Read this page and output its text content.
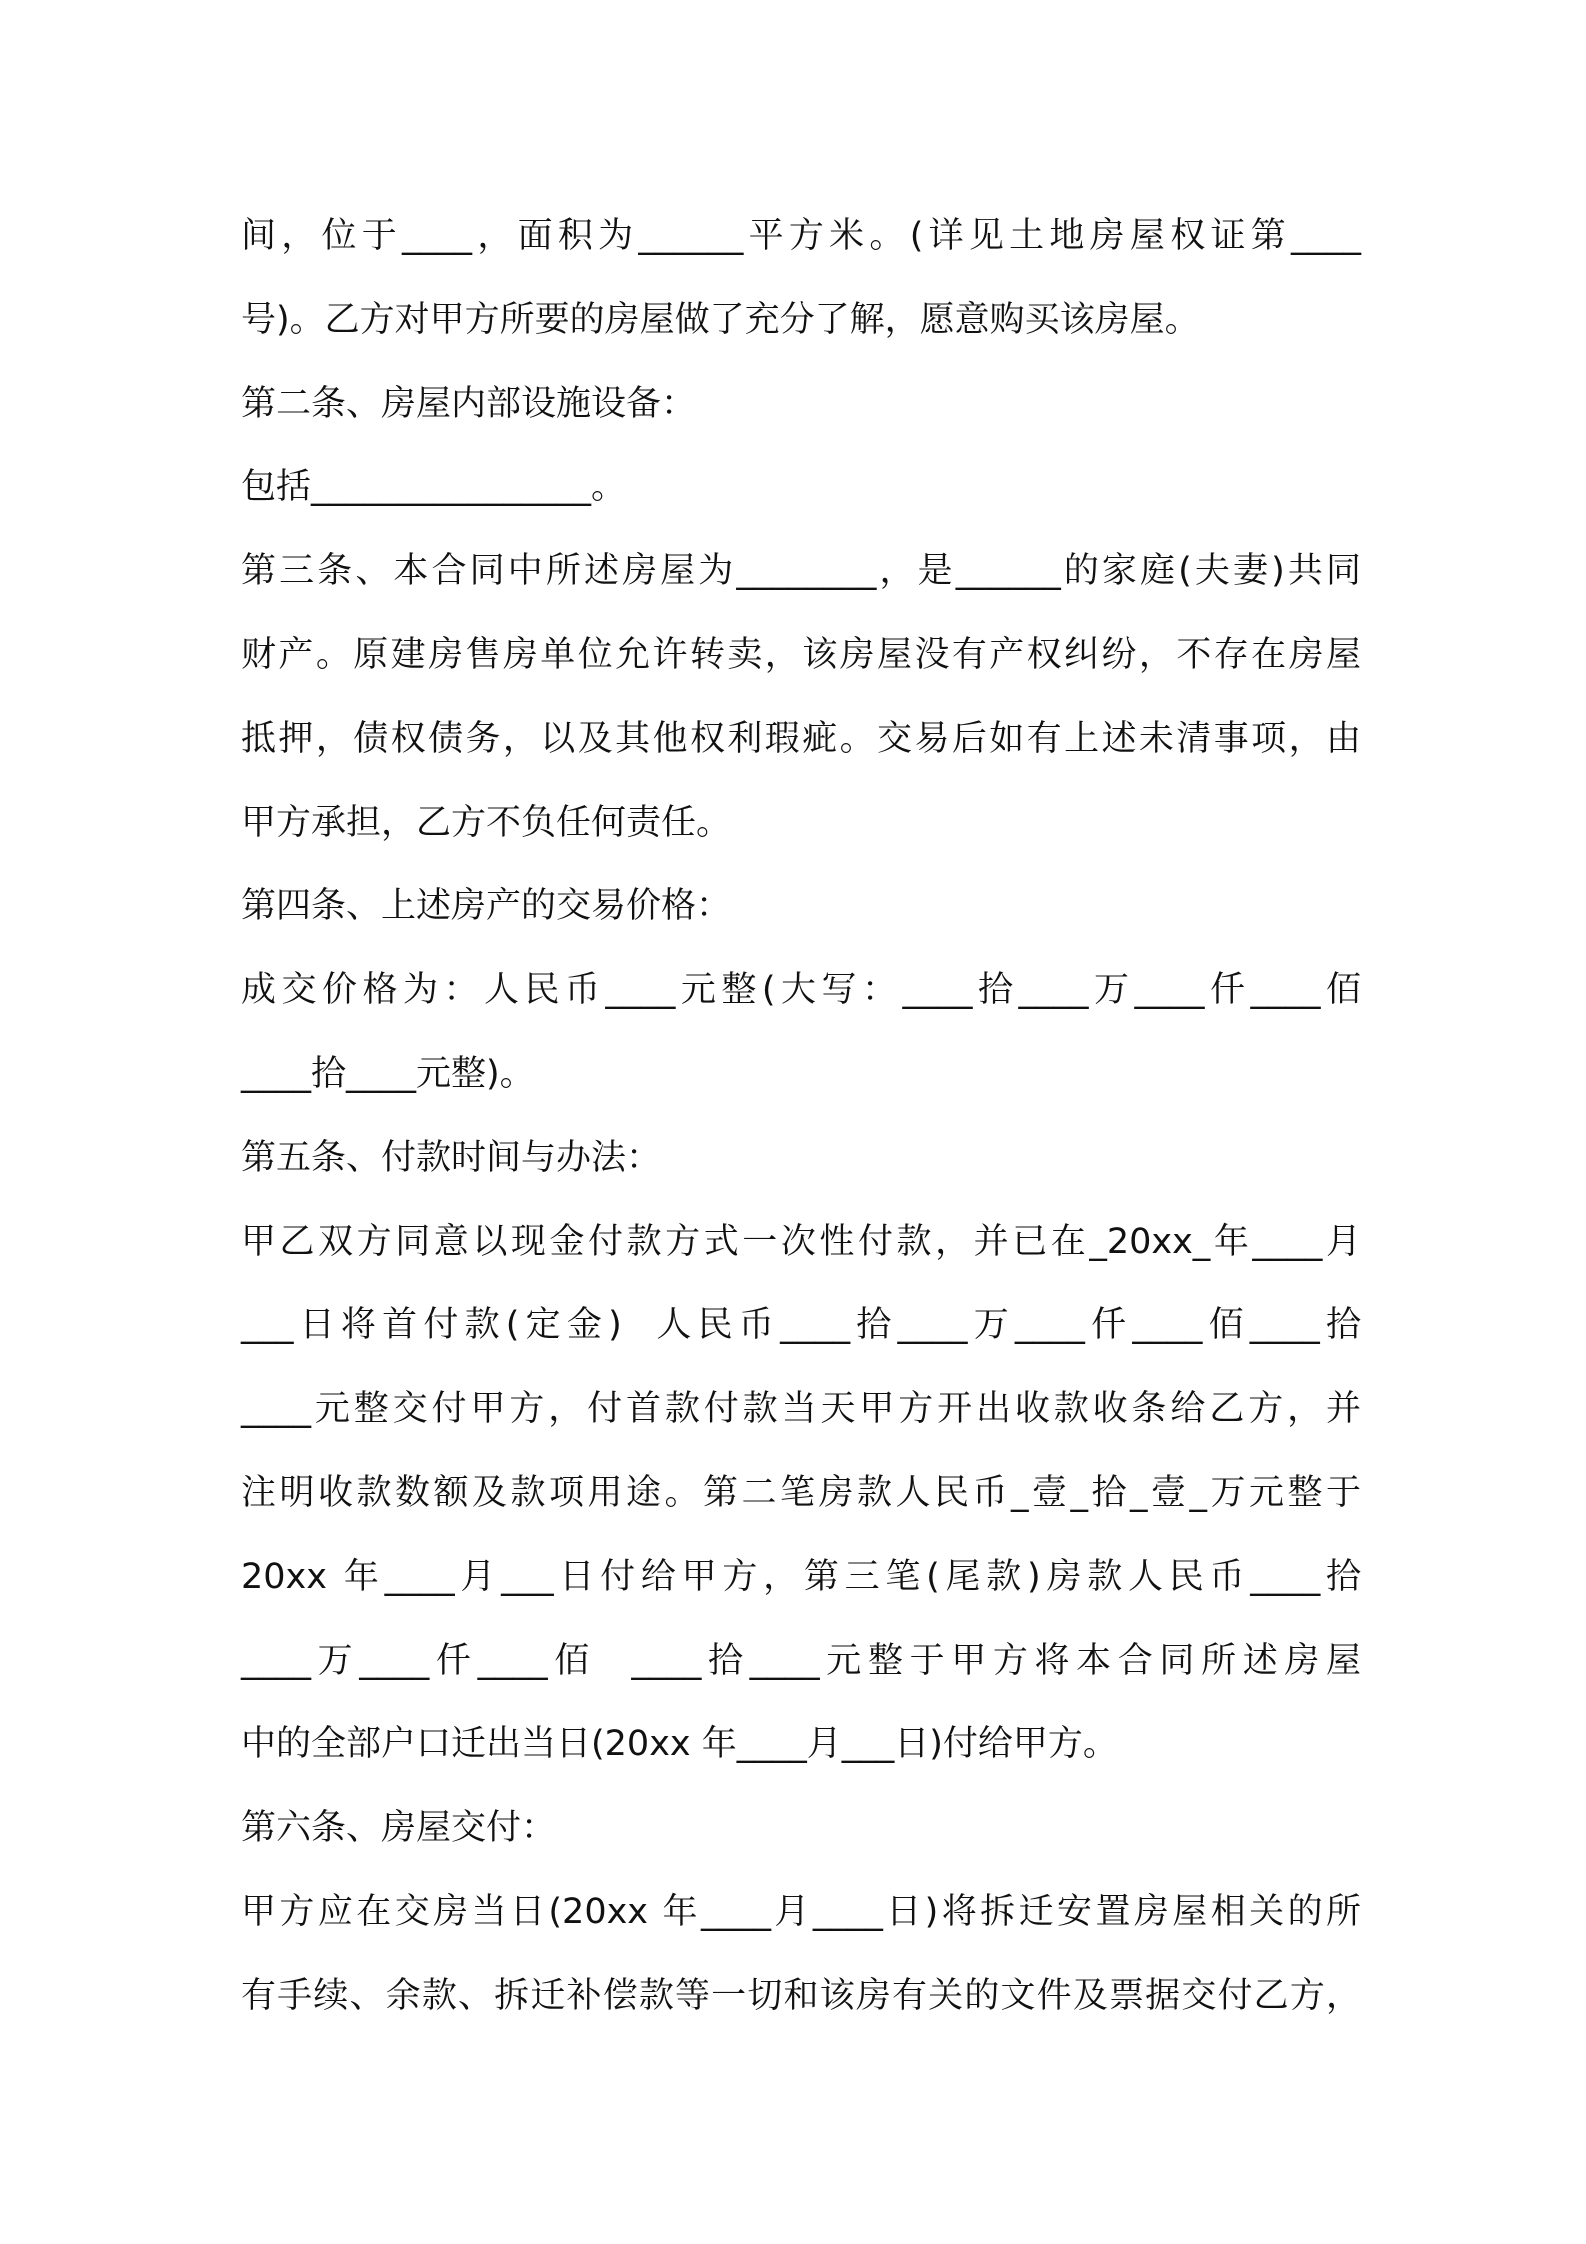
间，位于____，面积为______平方米。(详见土地房屋权证第____
号)。乙方对甲方所要的房屋做了充分了解，愿意购买该房屋。
第二条、房屋内部设施设备：
包括________________。
第三条、本合同中所述房屋为________，是______的家庭(夫妻)共同
财产。原建房售房单位允许转卖，该房屋没有产权纠纷，不存在房屋
抵押，债权债务，以及其他权利瑕疵。交易后如有上述未清事项，由
甲方承担，乙方不负任何责任。
第四条、上述房产的交易价格：
成交价格为：人民币____元整(大写：____拾____万____仟____佰
____拾____元整)。
第五条、付款时间与办法：
甲乙双方同意以现金付款方式一次性付款，并已在_20xx_年____月
___日将首付款(定金)  人民币____拾____万____仟____佰____拾
____元整交付甲方，付首款付款当天甲方开出收款收条给乙方，并
注明收款数额及款项用途。第二笔房款人民币_壹_拾_壹_万元整于
20xx 年____月___日付给甲方，第三笔(尾款)房款人民币____拾
____万____仟____佰  ____拾____元整于甲方将本合同所述房屋
中的全部户口迁出当日(20xx 年____月___日)付给甲方。
第六条、房屋交付：
甲方应在交房当日(20xx 年____月____日)将拆迁安置房屋相关的所
有手续、余款、拆迁补偿款等一切和该房有关的文件及票据交付乙方，
